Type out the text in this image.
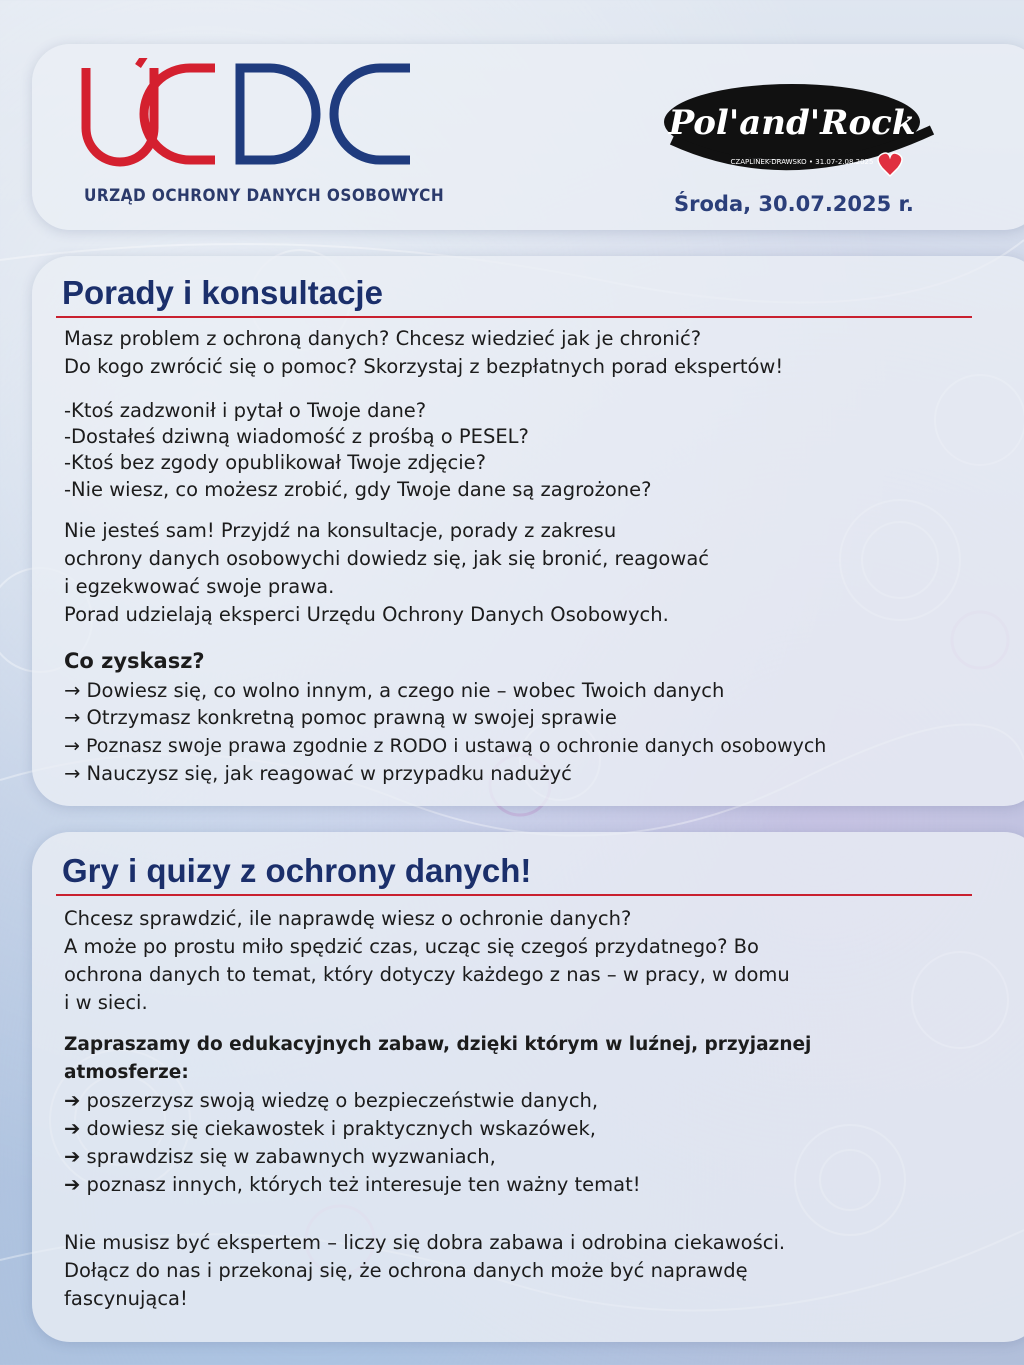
URZĄD OCHRONY DANYCH OSOBOWYCH
Pol'and'Rock
CZAPLINEK-DRAWSKO • 31.07-2.08.2025
Środa, 30.07.2025 r.
Porady i konsultacje

Masz problem z ochroną danych? Chcesz wiedzieć jak je chronić?

Do kogo zwrócić się o pomoc? Skorzystaj z bezpłatnych porad ekspertów!

-Ktoś zadzwonił i pytał o Twoje dane?

-Dostałeś dziwną wiadomość z prośbą o PESEL?

-Ktoś bez zgody opublikował Twoje zdjęcie?

-Nie wiesz, co możesz zrobić, gdy Twoje dane są zagrożone?

Nie jesteś sam! Przyjdź na konsultacje, porady z zakresu

ochrony danych osobowychi dowiedz się, jak się bronić, reagować

i egzekwować swoje prawa.

Porad udzielają eksperci Urzędu Ochrony Danych Osobowych.

Co zyskasz?

→ Dowiesz się, co wolno innym, a czego nie – wobec Twoich danych

→ Otrzymasz konkretną pomoc prawną w swojej sprawie

→ Poznasz swoje prawa zgodnie z RODO i ustawą o ochronie danych osobowych

→ Nauczysz się, jak reagować w przypadku nadużyć

Gry i quizy z ochrony danych!

Chcesz sprawdzić, ile naprawdę wiesz o ochronie danych?

A może po prostu miło spędzić czas, ucząc się czegoś przydatnego? Bo

ochrona danych to temat, który dotyczy każdego z nas – w pracy, w domu

i w sieci.

Zapraszamy do edukacyjnych zabaw, dzięki którym w luźnej, przyjaznej

atmosferze:

➔ poszerzysz swoją wiedzę o bezpieczeństwie danych,

➔ dowiesz się ciekawostek i praktycznych wskazówek,

➔ sprawdzisz się w zabawnych wyzwaniach,

➔ poznasz innych, których też interesuje ten ważny temat!

Nie musisz być ekspertem – liczy się dobra zabawa i odrobina ciekawości.

Dołącz do nas i przekonaj się, że ochrona danych może być naprawdę

fascynująca!
